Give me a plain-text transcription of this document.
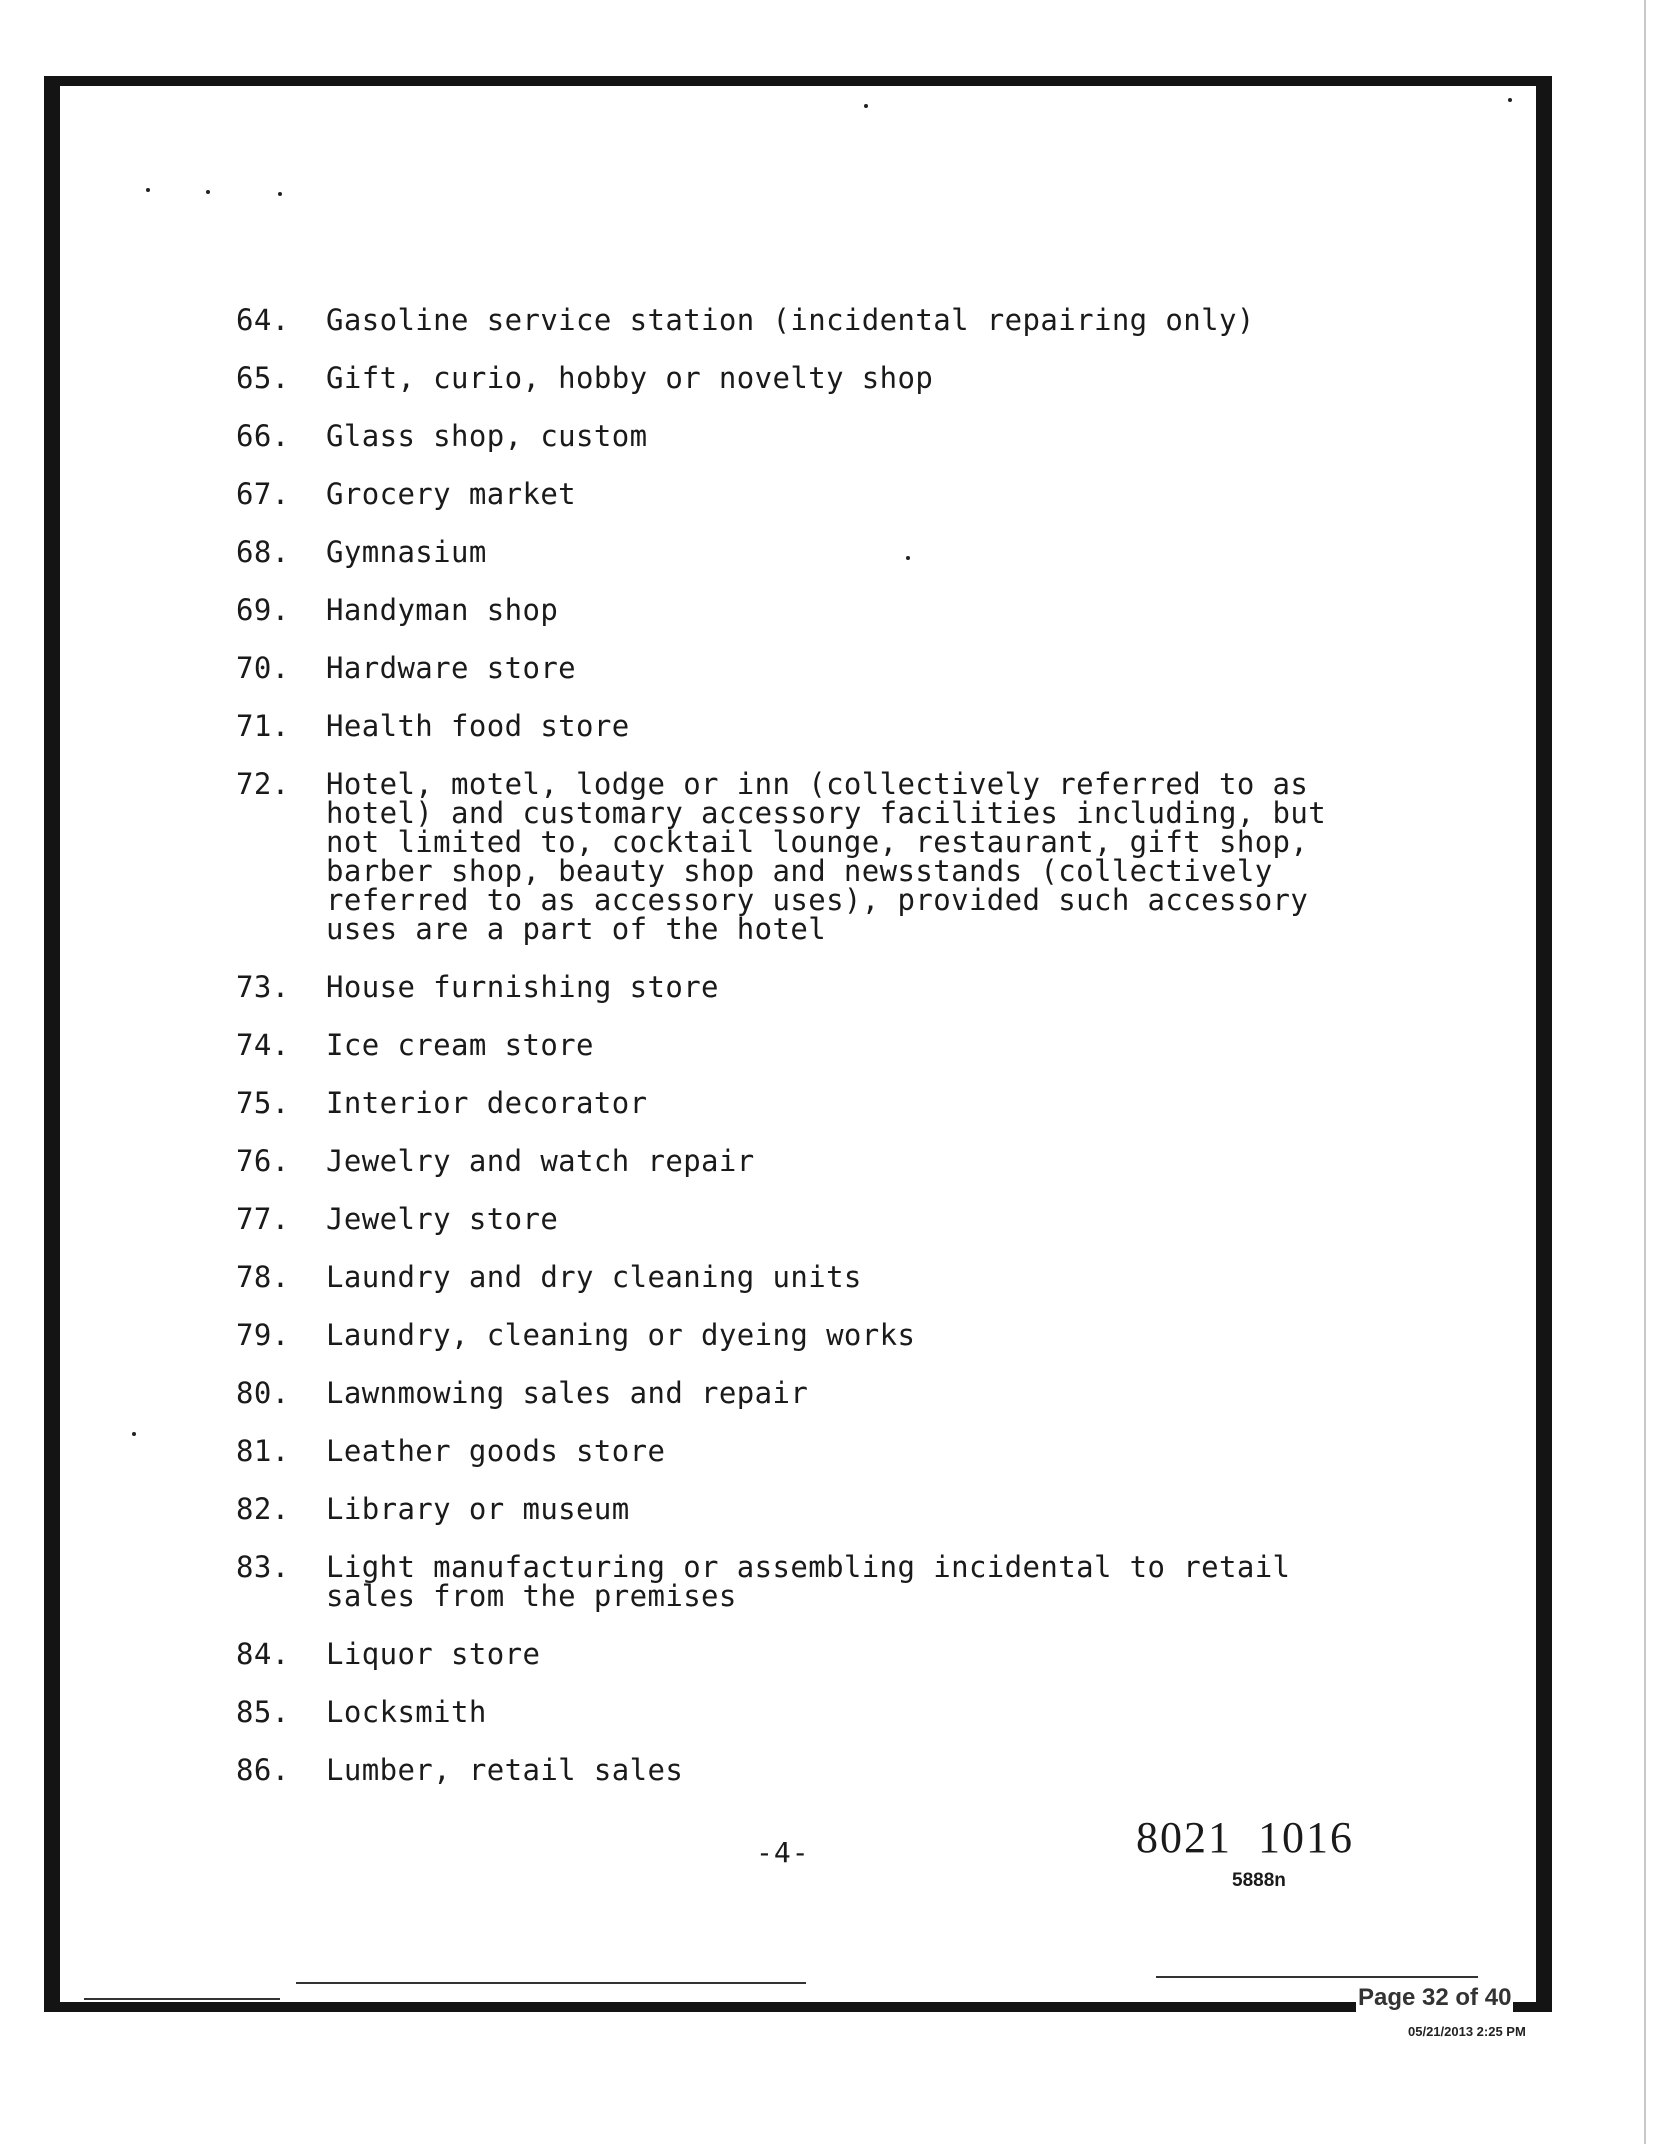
64.	Gasoline service station (incidental repairing only)
65.	Gift, curio, hobby or novelty shop
66.	Glass shop, custom
67.	Grocery market
68.	Gymnasium
69.	Handyman shop
70.	Hardware store
71.	Health food store
72.	Hotel, motel, lodge or inn (collectively referred to as
hotel) and customary accessory facilities including, but
not limited to, cocktail lounge, restaurant, gift shop,
barber shop, beauty shop and newsstands (collectively
referred to as accessory uses), provided such accessory
uses are a part of the hotel
73.	House furnishing store
74.	Ice cream store
75.	Interior decorator
76.	Jewelry and watch repair
77.	Jewelry store
78.	Laundry and dry cleaning units
79.	Laundry, cleaning or dyeing works
80.	Lawnmowing sales and repair
81.	Leather goods store
82.	Library or museum
83.	Light manufacturing or assembling incidental to retail
sales from the premises
84.	Liquor store
85.	Locksmith
86.	Lumber, retail sales
-4-	8021  1016
5888n
Page 32 of 40
05/21/2013 2:25 PM
